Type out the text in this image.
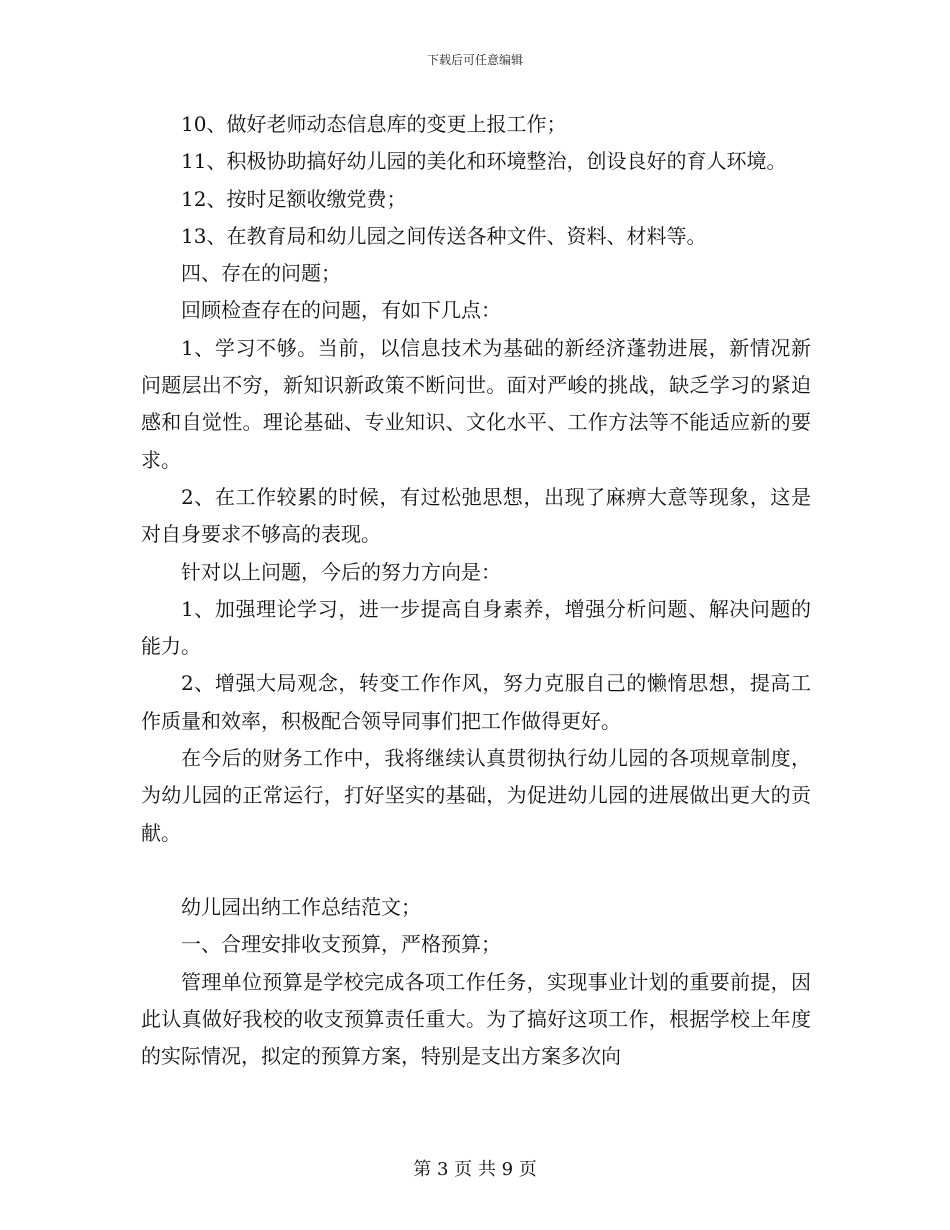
下载后可任意编辑

10、做好老师动态信息库的变更上报工作；

11、积极协助搞好幼儿园的美化和环境整治，创设良好的育人环境。

12、按时足额收缴党费；

13、在教育局和幼儿园之间传送各种文件、资料、材料等。

四、存在的问题；

回顾检查存在的问题，有如下几点：

1、学习不够。当前，以信息技术为基础的新经济蓬勃进展，新情况新问题层出不穷，新知识新政策不断问世。面对严峻的挑战，缺乏学习的紧迫感和自觉性。理论基础、专业知识、文化水平、工作方法等不能适应新的要求。

2、在工作较累的时候，有过松弛思想，出现了麻痹大意等现象，这是对自身要求不够高的表现。

针对以上问题，今后的努力方向是：

1、加强理论学习，进一步提高自身素养，增强分析问题、解决问题的能力。

2、增强大局观念，转变工作作风，努力克服自己的懒惰思想，提高工作质量和效率，积极配合领导同事们把工作做得更好。

在今后的财务工作中，我将继续认真贯彻执行幼儿园的各项规章制度，为幼儿园的正常运行，打好坚实的基础，为促进幼儿园的进展做出更大的贡献。

幼儿园出纳工作总结范文；

一、合理安排收支预算，严格预算；

管理单位预算是学校完成各项工作任务，实现事业计划的重要前提，因此认真做好我校的收支预算责任重大。为了搞好这项工作，根据学校上年度的实际情况，拟定的预算方案，特别是支出方案多次向

第 3 页 共 9 页
